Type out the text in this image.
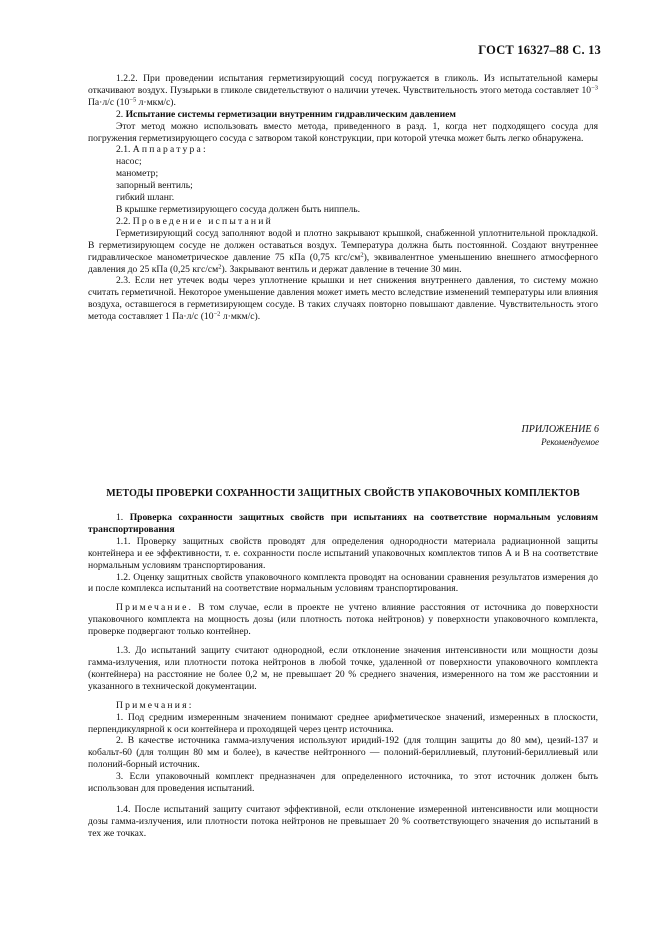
ГОСТ 16327–88 С. 13

1.2.2. При проведении испытания герметизирующий сосуд погружается в гликоль. Из испытательной камеры откачивают воздух. Пузырьки в гликоле свидетельствуют о наличии утечек. Чувствительность этого метода составляет $10^{-3}$ Па·л/с ($10^{-5}$ л·мкм/с).

2. Испытание системы герметизации внутренним гидравлическим давлением

Этот метод можно использовать вместо метода, приведенного в разд. 1, когда нет подходящего сосуда для погружения герметизирующего сосуда с затвором такой конструкции, при которой утечка может быть легко обнаружена.

2.1. Аппаратура:

насос;

манометр;

запорный вентиль;

гибкий шланг.

В крышке герметизирующего сосуда должен быть ниппель.

2.2. Проведение испытаний

Герметизирующий сосуд заполняют водой и плотно закрывают крышкой, снабженной уплотнительной прокладкой. В герметизирующем сосуде не должен оставаться воздух. Температура должна быть постоянной. Создают внутреннее гидравлическое манометрическое давление 75 кПа (0,75 кгс/$см^2$), эквивалентное уменьшению внешнего атмосферного давления до 25 кПа (0,25 кгс/$см^2$). Закрывают вентиль и держат давление в течение 30 мин.

2.3. Если нет утечек воды через уплотнение крышки и нет снижения внутреннего давления, то систему можно считать герметичной. Некоторое уменьшение давления может иметь место вследствие изменений температуры или влияния воздуха, оставшегося в герметизирующем сосуде. В таких случаях повторно повышают давление. Чувствительность этого метода составляет 1 Па·л/с ($10^{-2}$ л·мкм/с).

ПРИЛОЖЕНИЕ 6
Рекомендуемое
МЕТОДЫ ПРОВЕРКИ СОХРАННОСТИ ЗАЩИТНЫХ СВОЙСТВ УПАКОВОЧНЫХ КОМПЛЕКТОВ

1. Проверка сохранности защитных свойств при испытаниях на соответствие нормальным условиям транспортирования

1.1. Проверку защитных свойств проводят для определения однородности материала радиационной защиты контейнера и ее эффективности, т. е. сохранности после испытаний упаковочных комплектов типов А и В на соответствие нормальным условиям транспортирования.

1.2. Оценку защитных свойств упаковочного комплекта проводят на основании сравнения результатов измерения до и после комплекса испытаний на соответствие нормальным условиям транспортирования.

Примечание. В том случае, если в проекте не учтено влияние расстояния от источника до поверхности упаковочного комплекта на мощность дозы (или плотность потока нейтронов) у поверхности упаковочного комплекта, проверке подвергают только контейнер.

1.3. До испытаний защиту считают однородной, если отклонение значения интенсивности или мощности дозы гамма-излучения, или плотности потока нейтронов в любой точке, удаленной от поверхности упаковочного комплекта (контейнера) на расстояние не более 0,2 м, не превышает 20 % среднего значения, измеренного на том же расстоянии и указанного в технической документации.

Примечания:

1. Под средним измеренным значением понимают среднее арифметическое значений, измеренных в плоскости, перпендикулярной к оси контейнера и проходящей через центр источника.

2. В качестве источника гамма-излучения используют иридий-192 (для толщин защиты до 80 мм), цезий-137 и кобальт-60 (для толщин 80 мм и более), в качестве нейтронного — полоний-бериллиевый, плутоний-бериллиевый или полоний-борный источник.

3. Если упаковочный комплект предназначен для определенного источника, то этот источник должен быть использован для проведения испытаний.

1.4. После испытаний защиту считают эффективной, если отклонение измеренной интенсивности или мощности дозы гамма-излучения, или плотности потока нейтронов не превышает 20 % соответствующего значения до испытаний в тех же точках.
